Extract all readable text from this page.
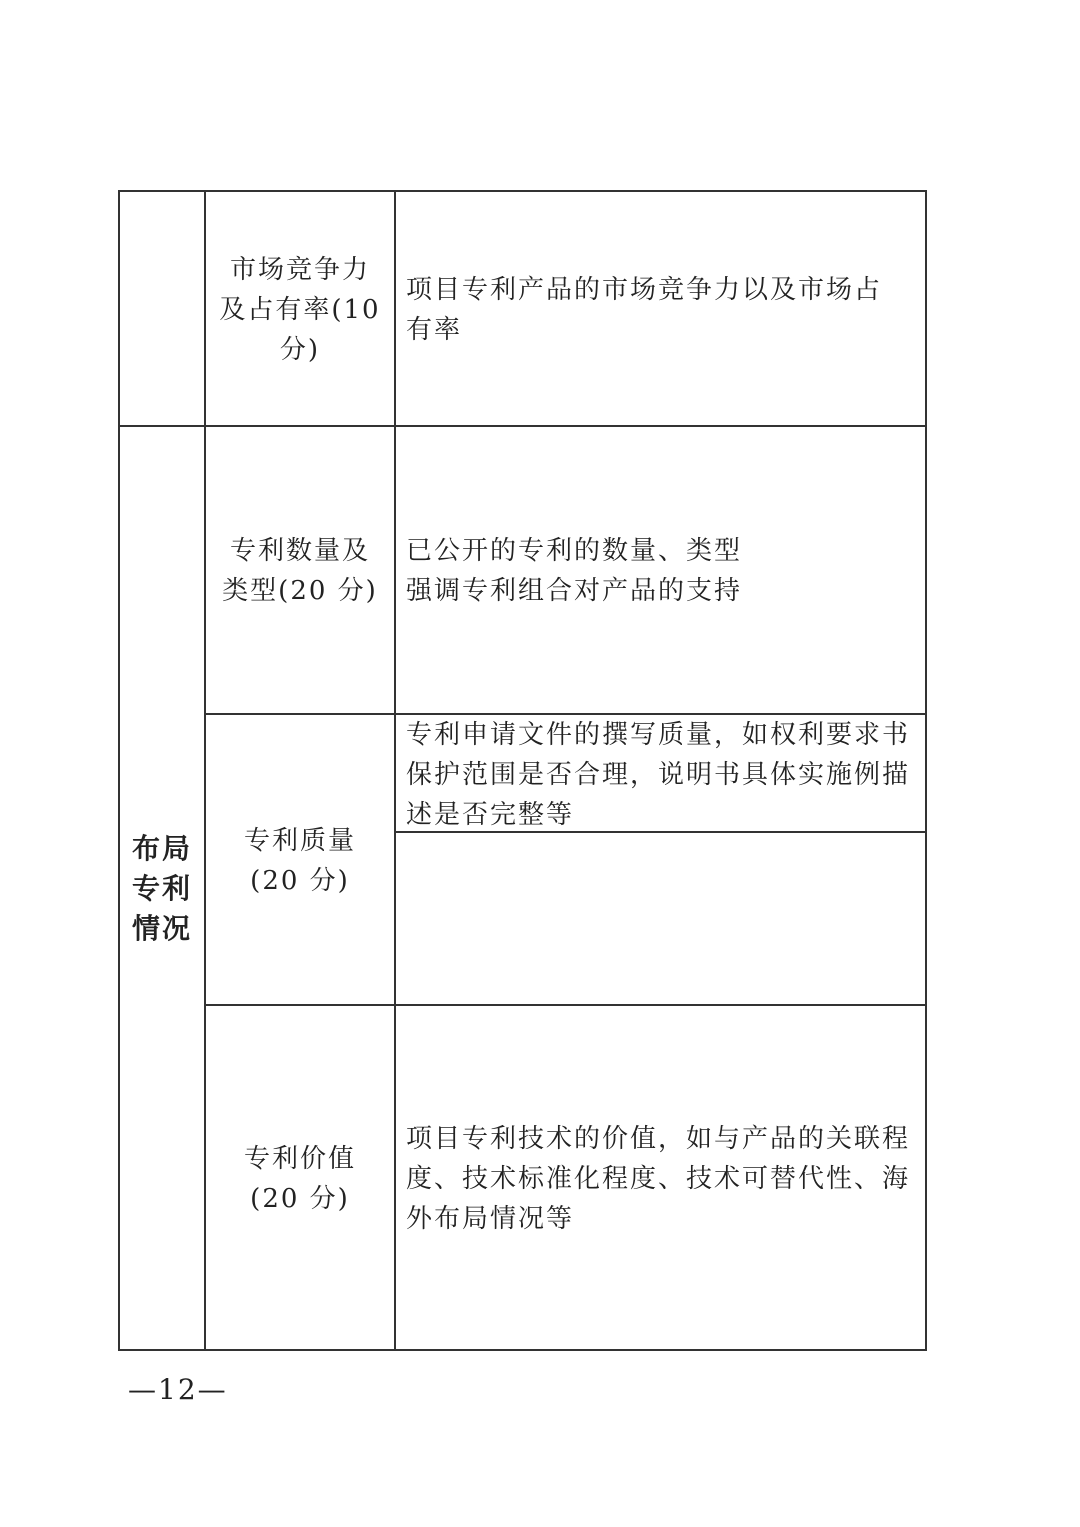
市场竞争力
及占有率(10
分)
项目专利产品的市场竞争力以及市场占
有率
布局
专利
情况
专利数量及
类型(20 分)
已公开的专利的数量、类型
强调专利组合对产品的支持
专利质量
(20 分)
专利申请文件的撰写质量，如权利要求书
保护范围是否合理，说明书具体实施例描
述是否完整等
专利价值
(20 分)
项目专利技术的价值，如与产品的关联程
度、技术标准化程度、技术可替代性、海
外布局情况等
—12—
